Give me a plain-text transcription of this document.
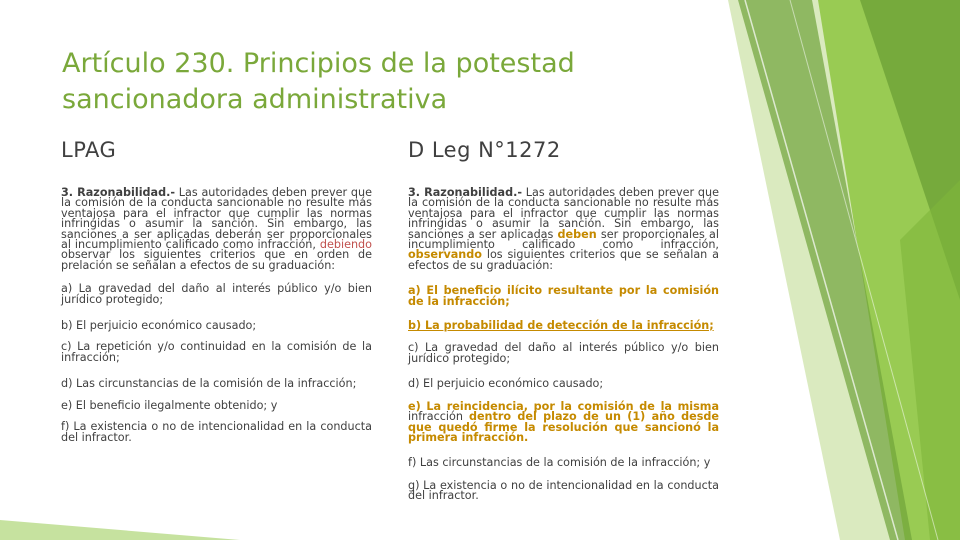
Artículo 230. Principios de la potestad sancionadora administrativa
LPAG	D Leg N°1272

3. Razonabilidad.- Las autoridades deben prever que la comisión de la conducta sancionable no resulte más ventajosa para el infractor que cumplir las normas infringidas o asumir la sanción. Sin embargo, las sanciones a ser aplicadas deberán ser proporcionales al incumplimiento calificado como infracción, debiendo observar los siguientes criterios que en orden de prelación se señalan a efectos de su graduación:

a) La gravedad del daño al interés público y/o bien jurídico protegido;

b) El perjuicio económico causado;

c) La repetición y/o continuidad en la comisión de la infracción;

d) Las circunstancias de la comisión de la infracción;

e) El beneficio ilegalmente obtenido; y

f) La existencia o no de intencionalidad en la conducta del infractor.

3. Razonabilidad.- Las autoridades deben prever que la comisión de la conducta sancionable no resulte más ventajosa para el infractor que cumplir las normas infringidas o asumir la sanción. Sin embargo, las sanciones a ser aplicadas deben ser proporcionales al incumplimiento calificado como infracción, observando los siguientes criterios que se señalan a efectos de su graduación:

a) El beneficio ilícito resultante por la comisión de la infracción;

b) La probabilidad de detección de la infracción;

c) La gravedad del daño al interés público y/o bien jurídico protegido;

d) El perjuicio económico causado;

e) La reincidencia, por la comisión de la misma infracción dentro del plazo de un (1) año desde que quedó firme la resolución que sancionó la primera infracción.

f) Las circunstancias de la comisión de la infracción; y

g) La existencia o no de intencionalidad en la conducta del infractor.
